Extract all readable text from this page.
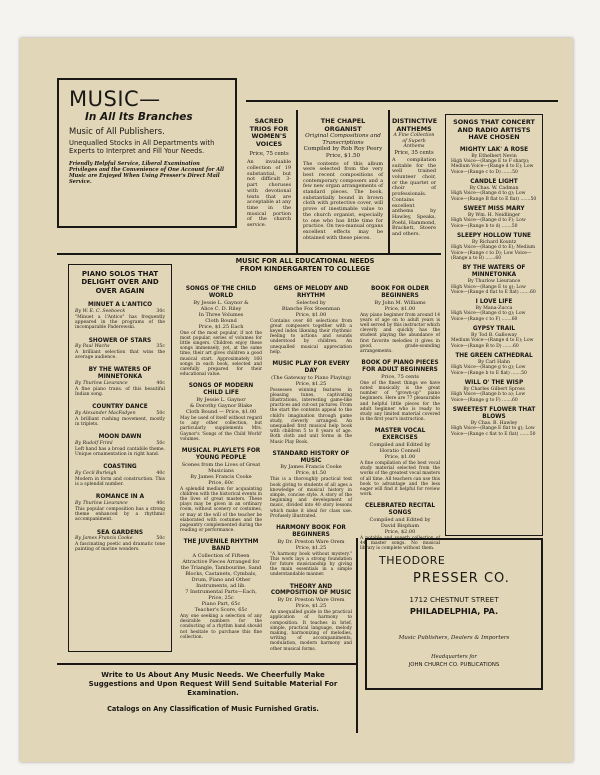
MUSIC—
In All Its Branches
Music of All Publishers.
Unequalled Stocks in All Departments with Experts to Interpret and Fill Your Needs.
Friendly Helpful Service, Liberal Examination Privileges and the Convenience of One Account for All Music are Enjoyed When Using Presser's Direct Mail Service.
SACRED TRIOS FOR WOMEN'S VOICES
Price, 75 cents
An invaluable collection of 19 substantial, but not difficult 3-part choruses with devotional texts that are acceptable at any time in the musical portion of the church service.
THE CHAPEL ORGANIST
Original Compositions and Transcriptions
Compiled by Rob Roy Peery
Price, $1.50
The contents of this album were selected from the very best recent compositions of contemporary composers and a few new organ arrangements of standard pieces. The book, substantially bound in brown cloth with protective cover, will prove of inestimable value to the church organist, especially to one who has little time for practice. On two-manual organs excellent effects may be obtained with these pieces.
DISTINCTIVE ANTHEMS
A Fine Collection of Superb Anthems
Price, 35 cents
A compilation suitable for the well trained volunteer choir, or the quartet or choir of professionals. Contains excellent anthems by Hawley, Speaks, Poehl, Hammond, Brackett, Stoere and others.
SONGS THAT CONCERT AND RADIO ARTISTS HAVE CHOSEN
MIGHTY LAK' A ROSE
By Ethelbert Nevin
High Voice—(Range E to F sharp); Medium Voice—(Range d to E); Low Voice—(Range c to D) .......50
CANDLE LIGHT
By Chas. W. Cadman
High Voice—(Range d to g); Low Voice—(Range B flat to E flat) .......50
SWEET MISS MARY
By Wm. H. Neidlinger
High Voice—(Range d to F); Low Voice—(Range b to d) .......50
SLEEPY HOLLOW TUNE
By Richard Kountz
High Voice—(Range d to E); Medium Voice—(Range c to D); Low Voice—(Range a to B) .......60
BY THE WATERS OF MINNETONKA
By Thurlow Lieurance
High Voice—(Range E to g); Low Voice—(Range d flat to E flat) .......60
I LOVE LIFE
By Mana-Zucca
High Voice—(Range d to g); Low Voice—(Range c to F) .......60
GYPSY TRAIL
By Tod B. Galloway
Medium Voice—(Range d to E); Low Voice—(Range B to D) .......60
THE GREEN CATHEDRAL
By Carl Hahn
High Voice—(Range g to g); Low Voice—(Range b to E flat) .......50
WILL O' THE WISP
By Charles Gilbert Spross
High Voice—(Range b to a); Low Voice—(Range g to F) .......60
SWEETEST FLOWER THAT BLOWS
By Chas. B. Hawley
High Voice—(Range E flat to g); Low Voice—(Range c flat to E flat) .......50
MUSIC FOR ALL EDUCATIONAL NEEDS
FROM KINDERGARTEN TO COLLEGE
PIANO SOLOS THAT DELIGHT OVER AND OVER AGAIN
MINUET A L'ANTICO
By W. E. C. Seeboeck	30c
"Minuet a l'Antico" has frequently appeared in the programs of the incomparable Paderewski.
SHOWER OF STARS
By Paul Wachs	35c
A brilliant selection that wins the average audience.
BY THE WATERS OF MINNETONKA
By Thurlow Lieurance	40c
A fine piano trans. of this beautiful Indian song.
COUNTRY DANCE
By Alexander MacFadyen	50c
A brilliant rushing movement, mostly in triplets.
MOON DAWN
By Rudolf Friml	50c
Left hand has a broad cantabile theme. Unique ornamentation in right hand.
COASTING
By Cecil Burleigh	40c
Modern in form and construction. This is a splendid number.
ROMANCE IN A
By Thurlow Lieurance	40c
This popular composition has a strong theme enhanced by a rhythmic accompaniment.
SEA GARDENS
By James Francis Cooke	50c
A fascinating poetic and dramatic tone painting of marine wonders.
SONGS OF THE CHILD WORLD
By Jessie L. Gaynor &
Alice C. D. Riley
In Three Volumes
Cloth Bound
Price, $1.25 Each
One of the most popular, if not the most popular, series of volumes for little singers. Children enjoy these songs immensely, yet, at the same time, their art gives children a good musical start. Approximately 160 songs in each book, selected and carefully prepared for their educational value.
SONGS OF MODERN CHILD LIFE
By Jessie L. Gaynor
& Dorothy Gaynor Blake
Cloth Bound — Price, $1.00
May be used of itself without regard to any other collection, but particularly supplements Mrs. Gaynor's 'Songs of the Child World' volumes.
MUSICAL PLAYLETS FOR YOUNG PEOPLE
Scenes from the Lives of Great Musicians
By James Francis Cooke
Price, 60c
A splendid medium for acquainting children with the historical events in the lives of great masters. These plays may be given in an ordinary room, without scenery or costumes, or may at the will of the teacher be elaborated with costumes and the pageantry complemented during the reading or performance.
THE JUVENILE RHYTHM BAND
A Collection of Fifteen Attractive Pieces Arranged for the Triangle, Tambourine, Sand Blocks, Castanets, Cymbals, Drum, Piano and Other Instruments, ad lib.
7 Instrumental Parts—Each, Price, 25c
Piano Part, 65c
Teacher's Score, 65c
Any one seeking a selection of any desirable numbers for the conducting of a rhythm band should not hesitate to purchase this fine collection.
GEMS OF MELODY AND RHYTHM
Selected by
Blanche Fox Steenman
Price, $1.00
Contains over 60 selections from great composers together with a keyed index likening their rhythmic feeling to actions and sounds understood by children. An unequalled musical appreciation help.
MUSIC PLAY FOR EVERY DAY
(The Gateway to Piano Playing)
Price, $1.25
Possesses winning features in pleasing tunes, captivating illustrations, interesting game-like practices and cut-out pictures. From the start the contents appeal to the child's imagination through game study, cleverly arranged. An unequalled first musical help book with children 5 to 8 years of age. Both cloth and unit forms in the Music Play Book.
STANDARD HISTORY OF MUSIC
By James Francis Cooke
Price, $1.50
This is a thoroughly practical text book giving to students of all ages a knowledge of musical history in simple, concise style. A story of the beginning and development of music, divided into 40 story lessons which make it ideal for class use. Profusely illustrated.
HARMONY BOOK FOR BEGINNERS
By Dr. Preston Ware Orem
Price, $1.25
"A harmony book without mystery." This work lays a strong foundation for future musicianship by giving the main essentials in a simple understandable manner.
THEORY AND COMPOSITION OF MUSIC
By Dr. Preston Ware Orem
Price, $1.25
An unequalled guide in the practical application of harmony to composition. It teaches in brief, simple, practical language, melody making, harmonizing of melodies, writing of accompaniments, modulation, modern harmony and other musical forms.
BOOK FOR OLDER BEGINNERS
By John M. Williams
Price, $1.00
Any piano beginner from around 14 years of age on to adult years is well served by this instructor which cleverly and quickly has the student playing the abundance of first favorite melodies it gives in good, grade-sounding arrangements.
BOOK OF PIANO PIECES FOR ADULT BEGINNERS
Price, 75 cents
One of the finest things we have noted musically is the great number of "grown-up" piano beginners. Here are 77 pleasurable and helpful little pieces for the adult beginner who is ready to study any limited material covered in the first year's instruction.
MASTER VOCAL EXERCISES
Compiled and Edited by
Horatio Connell
Price, $1.00
A fine compilation of the best vocal study material selected from the works of the greatest vocal masters of all time. All teachers can use this book to advantage and the less eager will find it helpful for review work.
CELEBRATED RECITAL SONGS
Compiled and Edited by
David Bispham
Price, $2.00
A notable and superb collection of 44 master songs. No musical library is complete without them.
THEODORE
PRESSER CO.
1712 CHESTNUT STREET
PHILADELPHIA, PA.
Music Publishers, Dealers & Importers
Headquarters for
JOHN CHURCH CO. PUBLICATIONS
Write to Us About Any Music Needs. We Cheerfully Make Suggestions and Upon Request Will Send Suitable Material For Examination.
Catalogs on Any Classification of Music Furnished Gratis.
